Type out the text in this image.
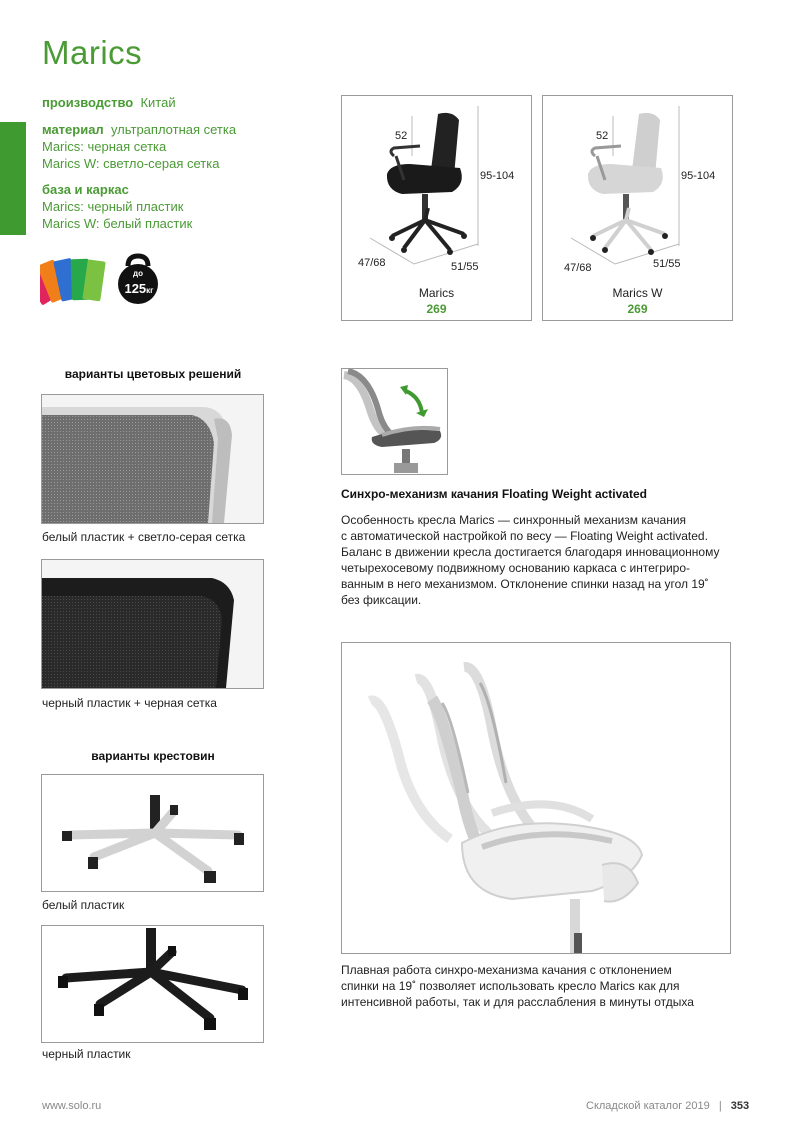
Marics
производство Китай
материал ультраплотная сетка
Marics: черная сетка
Marics W: светло-серая сетка
база и каркас
Marics: черный пластик
Marics W: белый пластик
до
125кг
52
95-104
47/68	51/55
Marics
269
52
95-104
47/68	51/55
Marics W
269
варианты цветовых решений
белый пластик + светло-серая сетка
черный пластик + черная сетка
варианты крестовин
белый пластик
черный пластик
Синхро-механизм качания Floating Weight activated
Особенность кресла Marics — синхронный механизм качания
с автоматической настройкой по весу — Floating Weight activated.
Баланс в движении кресла достигается благодаря инновационному
четырехосевому подвижному основанию каркаса с интегриро-
ванным в него механизмом. Отклонение спинки назад на угол 19˚
без фиксации.
Плавная работа синхро-механизма качания с отклонением
спинки на 19˚ позволяет использовать кресло Marics как для
интенсивной работы, так и для расслабления в минуты отдыха
www.solo.ru	Складской каталог 2019 | 353
